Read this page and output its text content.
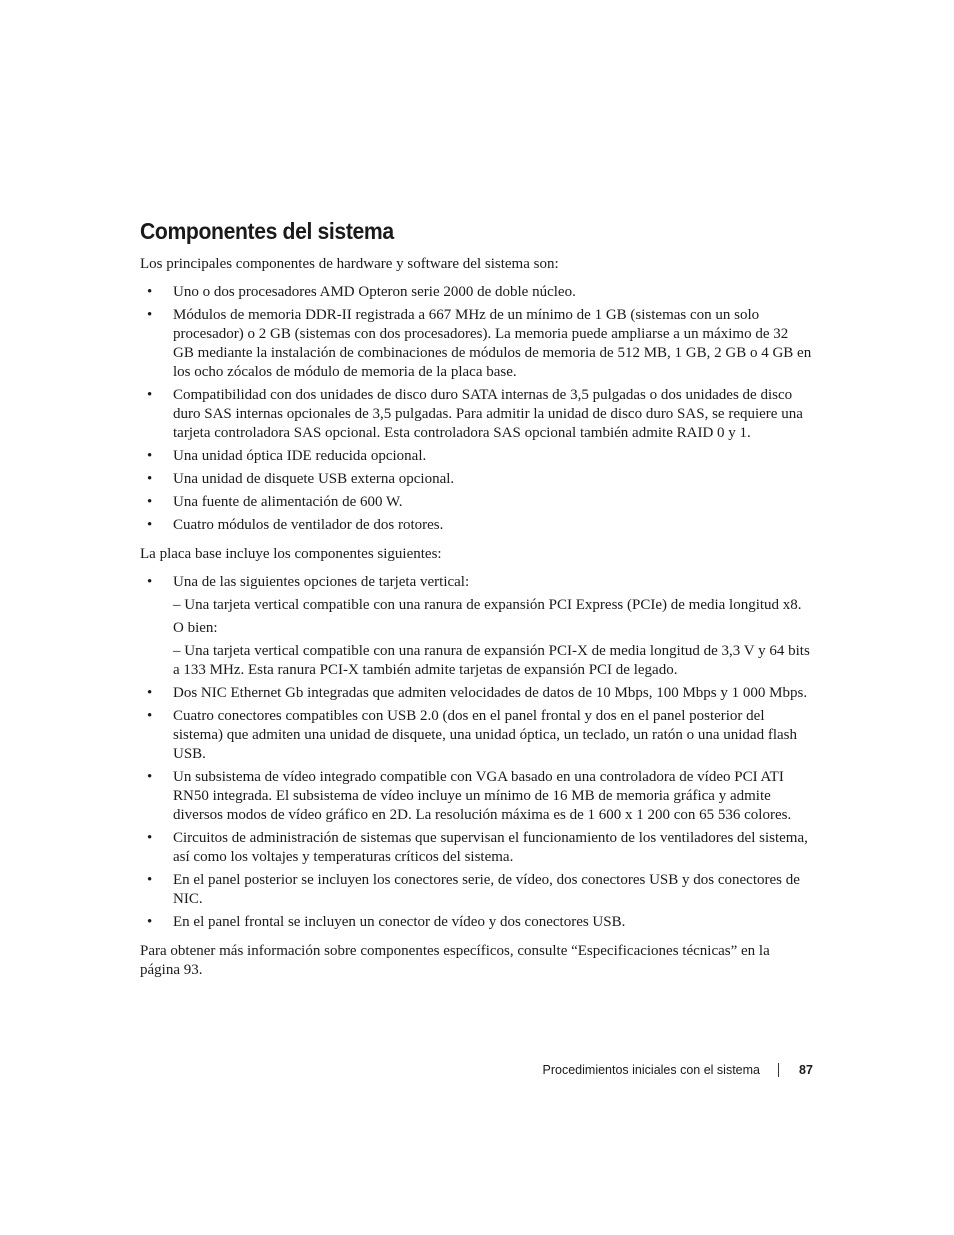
Componentes del sistema

Los principales componentes de hardware y software del sistema son:

• Uno o dos procesadores AMD Opteron serie 2000 de doble núcleo.
• Módulos de memoria DDR-II registrada a 667 MHz de un mínimo de 1 GB (sistemas con un solo procesador) o 2 GB (sistemas con dos procesadores). La memoria puede ampliarse a un máximo de 32 GB mediante la instalación de combinaciones de módulos de memoria de 512 MB, 1 GB, 2 GB o 4 GB en los ocho zócalos de módulo de memoria de la placa base.
• Compatibilidad con dos unidades de disco duro SATA internas de 3,5 pulgadas o dos unidades de disco duro SAS internas opcionales de 3,5 pulgadas. Para admitir la unidad de disco duro SAS, se requiere una tarjeta controladora SAS opcional. Esta controladora SAS opcional también admite RAID 0 y 1.
• Una unidad óptica IDE reducida opcional.
• Una unidad de disquete USB externa opcional.
• Una fuente de alimentación de 600 W.
• Cuatro módulos de ventilador de dos rotores.

La placa base incluye los componentes siguientes:

• Una de las siguientes opciones de tarjeta vertical:

– Una tarjeta vertical compatible con una ranura de expansión PCI Express (PCIe) de media longitud x8.

O bien:

– Una tarjeta vertical compatible con una ranura de expansión PCI-X de media longitud de 3,3 V y 64 bits a 133 MHz. Esta ranura PCI-X también admite tarjetas de expansión PCI de legado.

• Dos NIC Ethernet Gb integradas que admiten velocidades de datos de 10 Mbps, 100 Mbps y 1 000 Mbps.
• Cuatro conectores compatibles con USB 2.0 (dos en el panel frontal y dos en el panel posterior del sistema) que admiten una unidad de disquete, una unidad óptica, un teclado, un ratón o una unidad flash USB.
• Un subsistema de vídeo integrado compatible con VGA basado en una controladora de vídeo PCI ATI RN50 integrada. El subsistema de vídeo incluye un mínimo de 16 MB de memoria gráfica y admite diversos modos de vídeo gráfico en 2D. La resolución máxima es de 1 600 x 1 200 con 65 536 colores.
• Circuitos de administración de sistemas que supervisan el funcionamiento de los ventiladores del sistema, así como los voltajes y temperaturas críticos del sistema.
• En el panel posterior se incluyen los conectores serie, de vídeo, dos conectores USB y dos conectores de NIC.
• En el panel frontal se incluyen un conector de vídeo y dos conectores USB.

Para obtener más información sobre componentes específicos, consulte “Especificaciones técnicas” en la página 93.

Procedimientos iniciales con el sistema	87
